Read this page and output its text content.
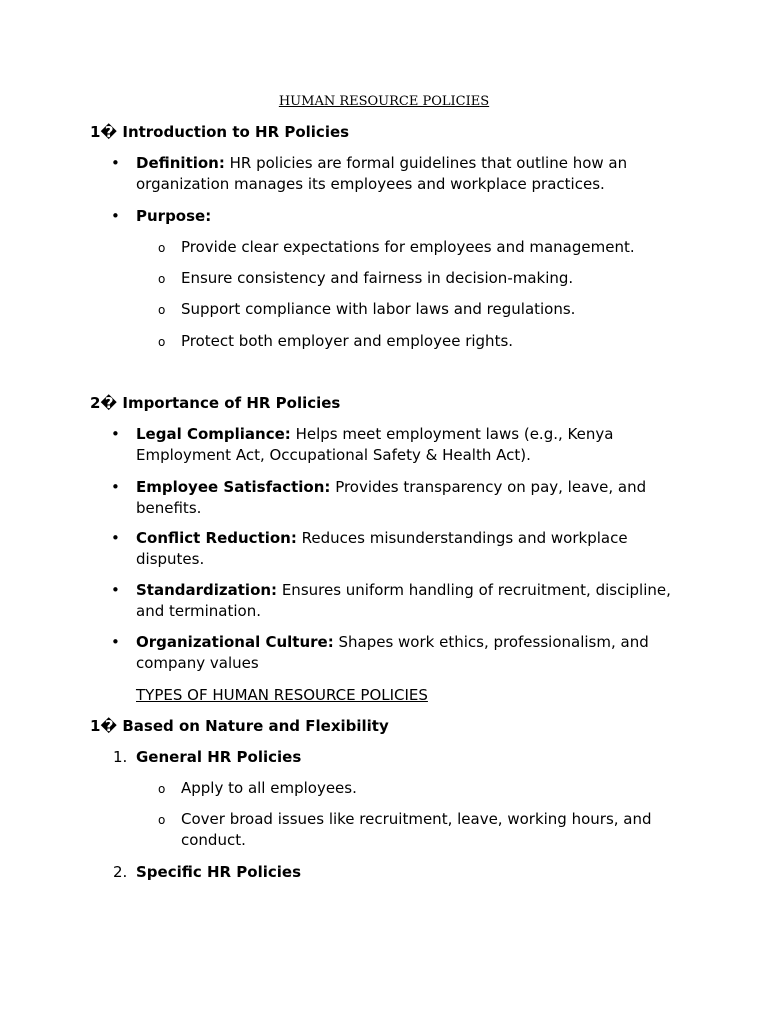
HUMAN RESOURCE POLICIES
1� Introduction to HR Policies
• Definition: HR policies are formal guidelines that outline how an organization manages its employees and workplace practices.
• Purpose:
o Provide clear expectations for employees and management.
o Ensure consistency and fairness in decision-making.
o Support compliance with labor laws and regulations.
o Protect both employer and employee rights.
2� Importance of HR Policies
• Legal Compliance: Helps meet employment laws (e.g., Kenya Employment Act, Occupational Safety & Health Act).
• Employee Satisfaction: Provides transparency on pay, leave, and benefits.
• Conflict Reduction: Reduces misunderstandings and workplace disputes.
• Standardization: Ensures uniform handling of recruitment, discipline, and termination.
• Organizational Culture: Shapes work ethics, professionalism, and company values
TYPES OF HUMAN RESOURCE POLICIES
1� Based on Nature and Flexibility
1. General HR Policies
o Apply to all employees.
o Cover broad issues like recruitment, leave, working hours, and conduct.
2. Specific HR Policies
